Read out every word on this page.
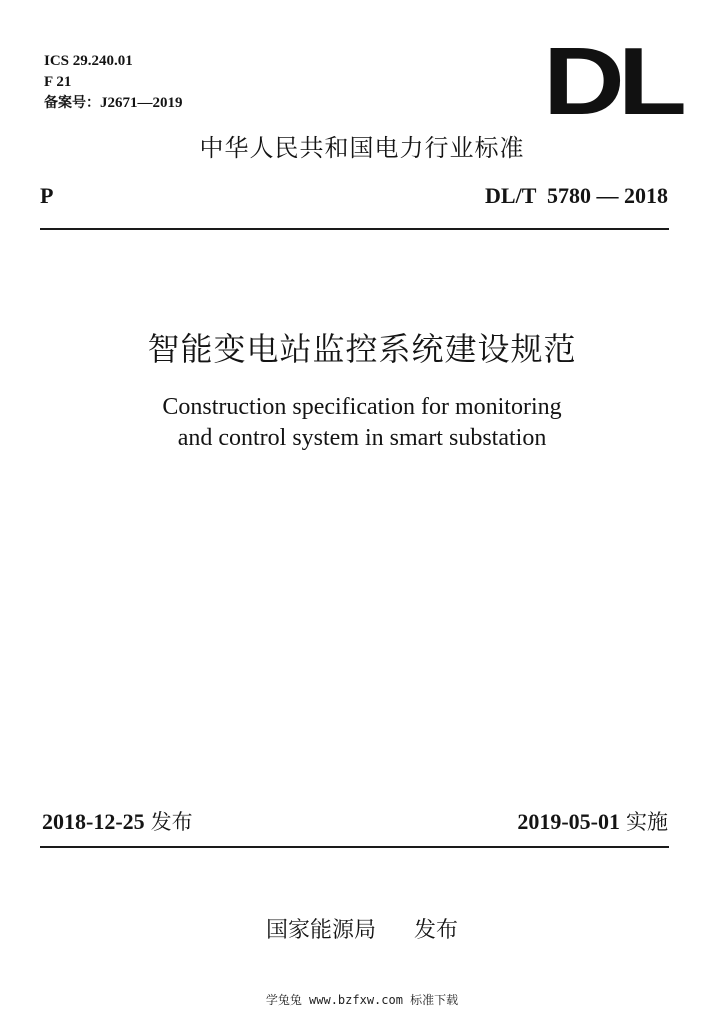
ICS 29.240.01
F 21
备案号：J2671—2019	DL
中华人民共和国电力行业标准
P	DL/T  5780 — 2018
智能变电站监控系统建设规范
Construction specification for monitoring
and control system in smart substation
2018-12-25 发布	2019-05-01 实施
国家能源局 发布
学兔兔 www.bzfxw.com 标准下载
